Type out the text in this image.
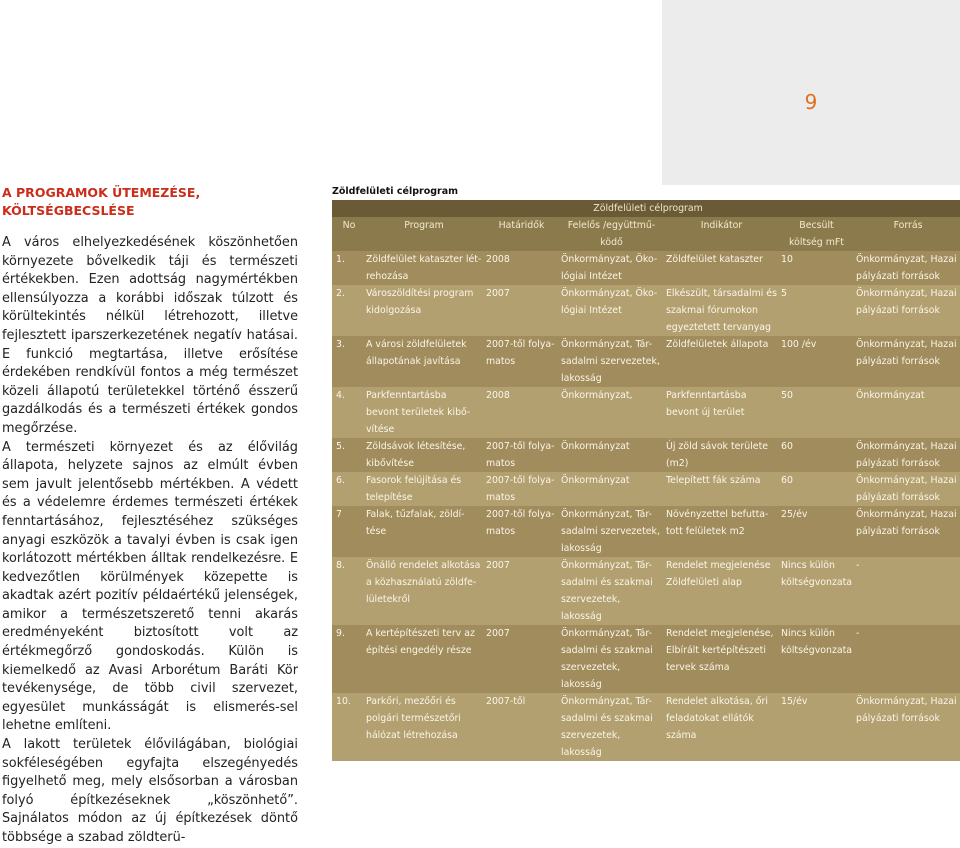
9
A PROGRAMOK ÜTEMEZÉSE,
KÖLTSÉGBECSLÉSE

A város elhelyezkedésének köszönhetően környezete bővelkedik táji és természeti értékekben. Ezen adottság nagymértékben ellensúlyozza a korábbi időszak túlzott és körültekintés nélkül létrehozott, illetve fejlesztett iparszerkezetének negatív hatásai. E funkció megtartása, illetve erősítése érdekében rendkívül fontos a még természet közeli állapotú területekkel történő ésszerű gazdálkodás és a természeti értékek gondos megőrzése.

A természeti környezet és az élővilág állapota, helyzete sajnos az elmúlt évben sem javult jelentősebb mértékben. A védett és a védelemre érdemes természeti értékek fenntartásához, fejlesztéséhez szükséges anyagi eszközök a tavalyi évben is csak igen korlátozott mértékben álltak rendelkezésre. E kedvezőtlen körülmények közepette is akadtak azért pozitív példaértékű jelenségek, amikor a természetszerető tenni akarás eredményeként biztosított volt az értékmegőrző gondoskodás. Külön is kiemelkedő az Avasi Arborétum Baráti Kör tevékenysége, de több civil szervezet, egyesület munkásságát is elismerés-sel lehetne említeni.

A lakott területek élővilágában, biológiai sokféleségében egyfajta elszegényedés figyelhető meg, mely elsősorban a városban folyó építkezéseknek „köszönhető”. Sajnálatos módon az új építkezések döntő többsége a szabad zöldterü-

Zöldfelületi célprogram
Zöldfelületi célprogram						
No	Program	Határidők	Felelős /együttmű-ködő	Indikátor	Becsült költség mFt	Forrás
1.	Zöldfelület kataszter lét-rehozása	2008	Önkormányzat, Öko-lógiai Intézet	Zöldfelület kataszter	10	Önkormányzat, Hazai pályázati források
2.	Városzöldítési program kidolgozása	2007	Önkormányzat, Öko-lógiai Intézet	Elkészült, társadalmi és szakmai fórumokon egyeztetett tervanyag	5	Önkormányzat, Hazai pályázati források
3.	A városi zöldfelületek állapotának javítása	2007-től folya-matos	Önkormányzat, Tár-sadalmi szervezetek, lakosság	Zöldfelületek állapota	100 /év	Önkormányzat, Hazai pályázati források
4.	Parkfenntartásba bevont területek kibő-vítése	2008	Önkormányzat,	Parkfenntartásba bevont új terület	50	Önkormányzat
5.	Zöldsávok létesítése, kibővítése	2007-től folya-matos	Önkormányzat	Új zöld sávok területe (m2)	60	Önkormányzat, Hazai pályázati források
6.	Fasorok felújítása és telepítése	2007-től folya-matos	Önkormányzat	Telepített fák száma	60	Önkormányzat, Hazai pályázati források
7	Falak, tűzfalak, zöldí-tése	2007-től folya-matos	Önkormányzat, Tár-sadalmi szervezetek, lakosság	Növényzettel befutta-tott felületek m2	25/év	Önkormányzat, Hazai pályázati források
8.	Önálló rendelet alkotása a közhasználatú zöldfe-lületekről	2007	Önkormányzat, Tár-sadalmi és szakmai szervezetek, lakosság	Rendelet megjelenése Zöldfelületi alap	Nincs külön költségvonzata	-
9.	A kertépítészeti terv az építési engedély része	2007	Önkormányzat, Tár-sadalmi és szakmai szervezetek, lakosság	Rendelet megjelenése, Elbírált kertépítészeti tervek száma	Nincs külön költségvonzata	-
10.	Parkőri, mezőőri és polgári természetőri hálózat létrehozása	2007-től	Önkormányzat, Tár-sadalmi és szakmai szervezetek, lakosság	Rendelet alkotása, őri feladatokat ellátók száma	15/év	Önkormányzat, Hazai pályázati források
